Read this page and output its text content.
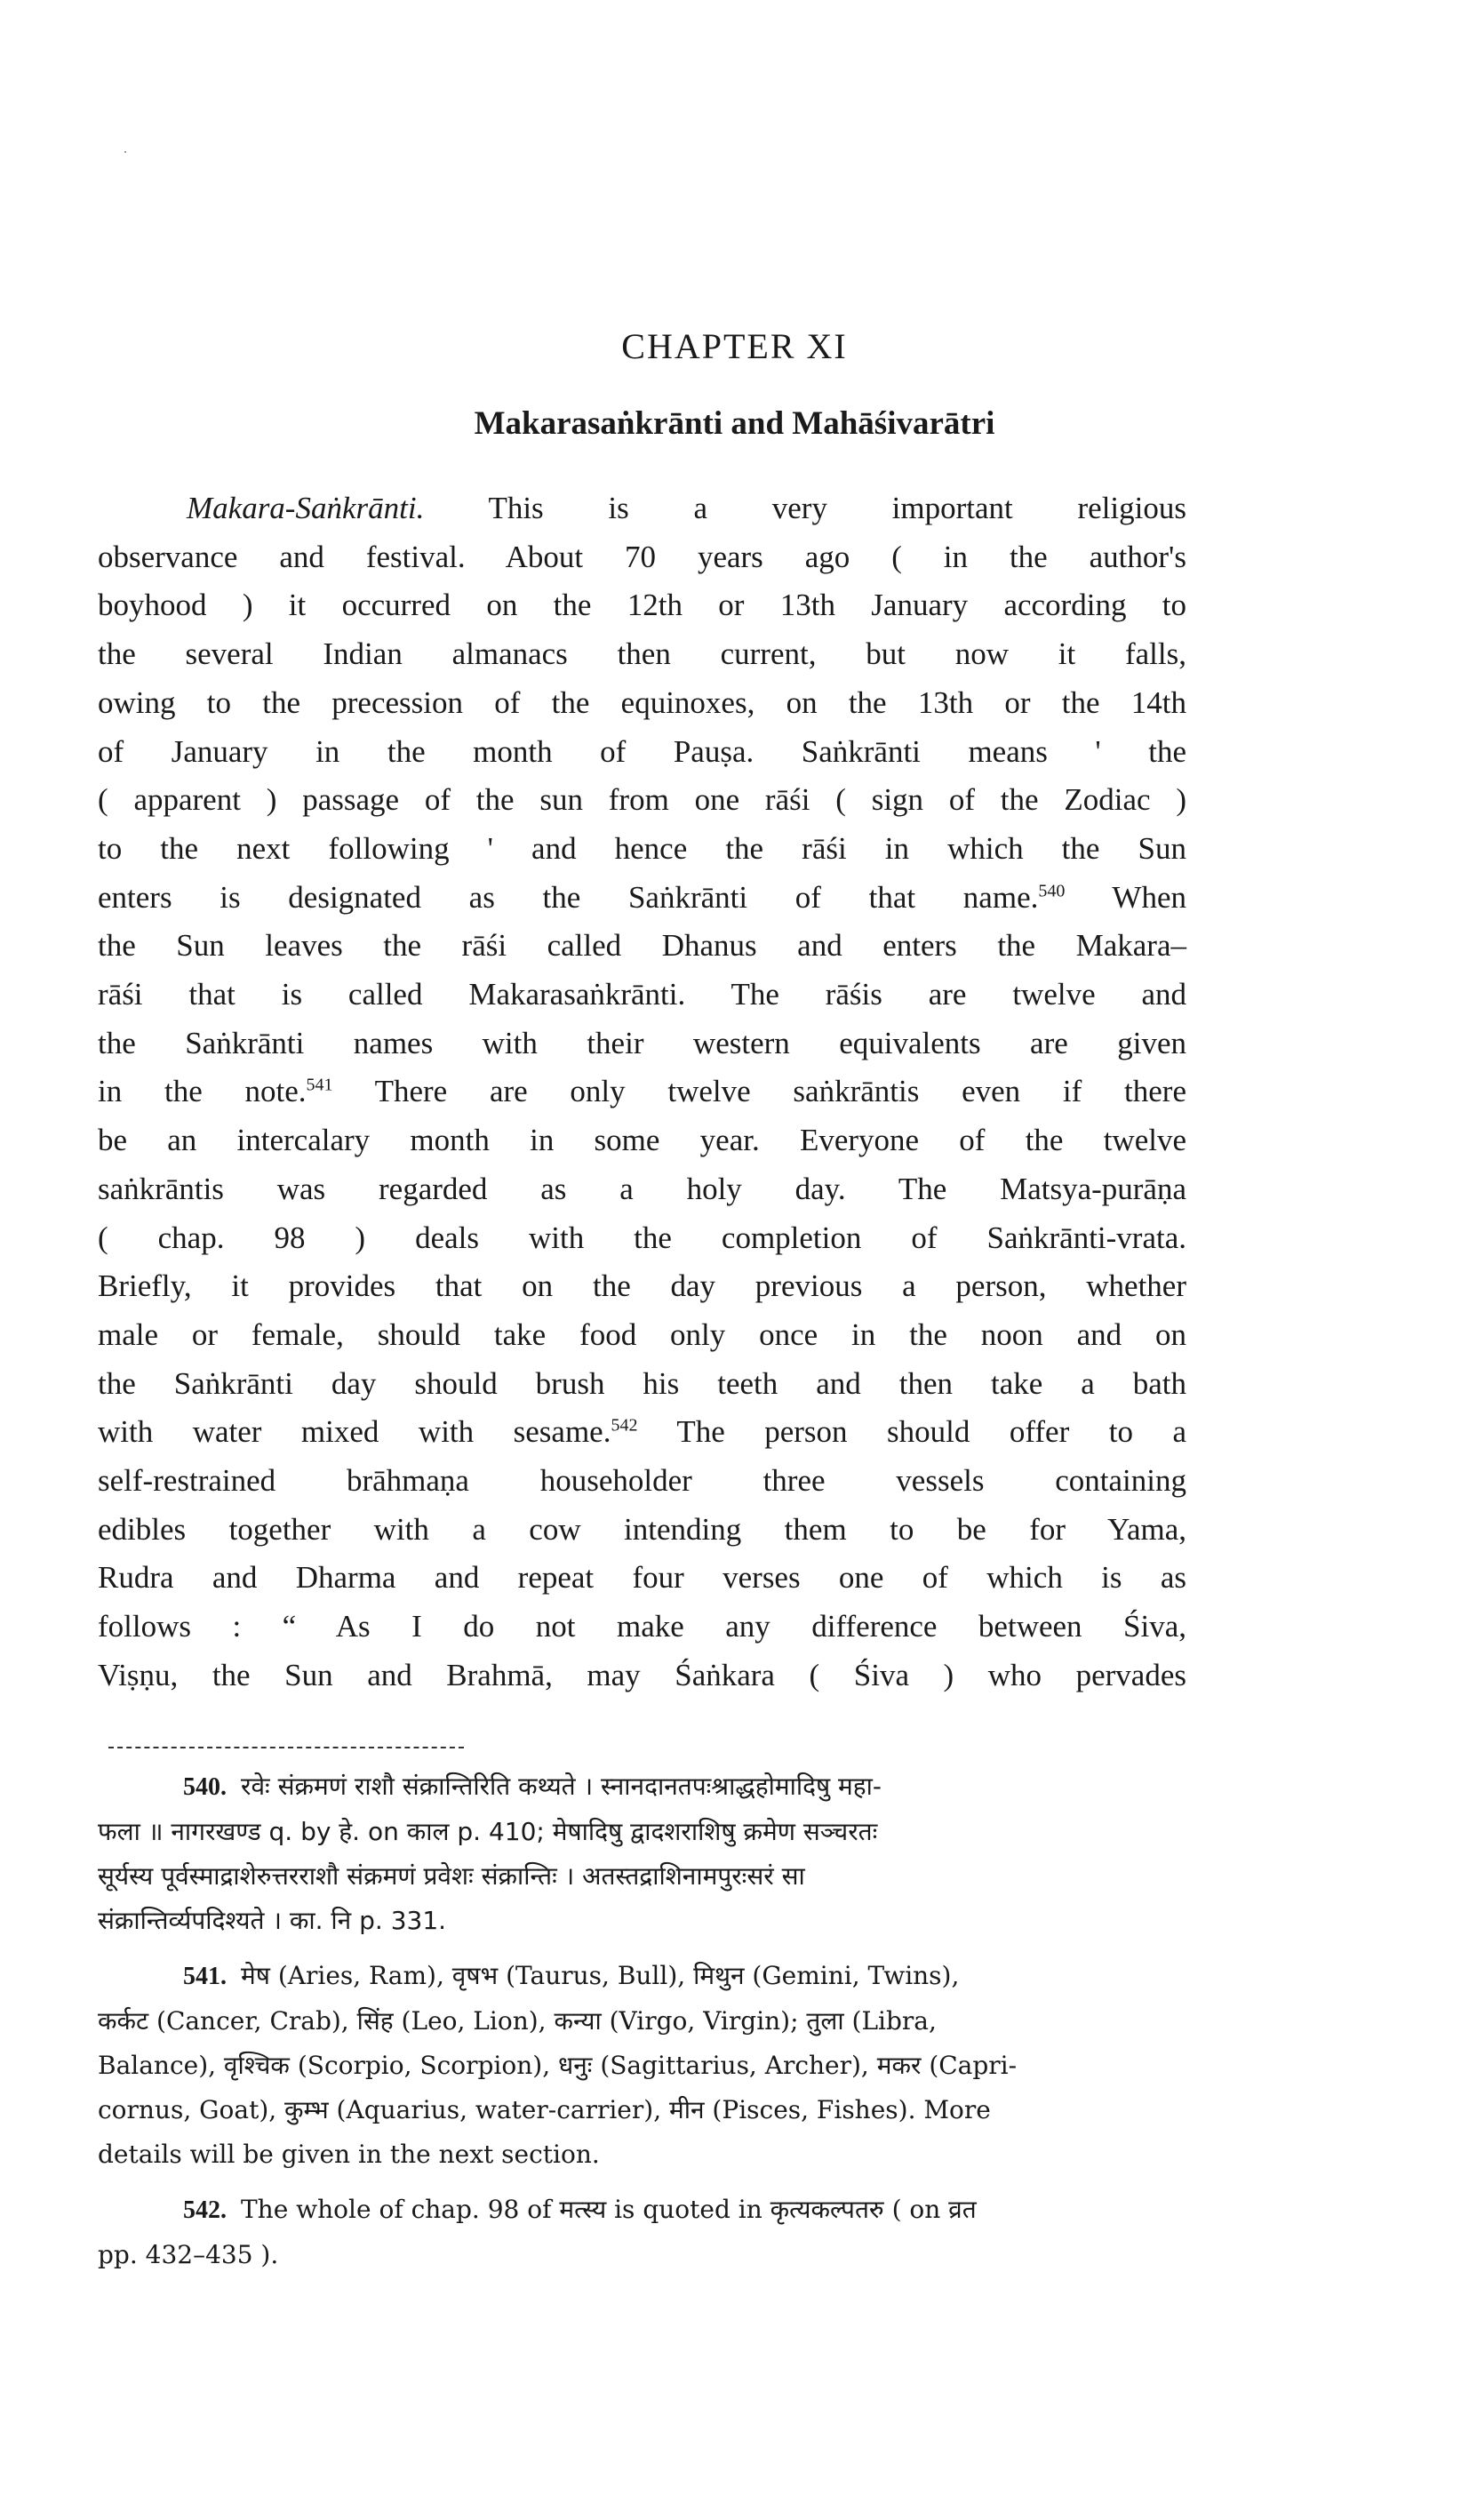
CHAPTER XI
Makarasaṅkrānti and Mahāśivarātri
Makara-Saṅkrānti. This is a very important religious
observance and festival. About 70 years ago ( in the author's
boyhood ) it occurred on the 12th or 13th January according to
the several Indian almanacs then current, but now it falls,
owing to the precession of the equinoxes, on the 13th or the 14th
of January in the month of Pauṣa. Saṅkrānti means ' the
( apparent ) passage of the sun from one rāśi ( sign of the Zodiac )
to the next following ' and hence the rāśi in which the Sun
enters is designated as the Saṅkrānti of that name.$^{540}$ When
the Sun leaves the rāśi called Dhanus and enters the Makara–
rāśi that is called Makarasaṅkrānti. The rāśis are twelve and
the Saṅkrānti names with their western equivalents are given
in the note.$^{541}$ There are only twelve saṅkrāntis even if there
be an intercalary month in some year. Everyone of the twelve
saṅkrāntis was regarded as a holy day. The Matsya-purāṇa
( chap. 98 ) deals with the completion of Saṅkrānti-vrata.
Briefly, it provides that on the day previous a person, whether
male or female, should take food only once in the noon and on
the Saṅkrānti day should brush his teeth and then take a bath
with water mixed with sesame.$^{542}$ The person should offer to a
self-restrained brāhmaṇa householder three vessels containing
edibles together with a cow intending them to be for Yama,
Rudra and Dharma and repeat four verses one of which is as
follows : “ As I do not make any difference between Śiva,
Viṣṇu, the Sun and Brahmā, may Śaṅkara ( Śiva ) who pervades
540. रवेः संक्रमणं राशौ संक्रान्तिरिति कथ्यते । स्नानदानतपःश्राद्धहोमादिषु महा-
फला ॥ नागरखण्ड q. by हे. on काल p. 410; मेषादिषु द्वादशराशिषु क्रमेण सञ्चरतः
सूर्यस्य पूर्वस्माद्राशेरुत्तरराशौ संक्रमणं प्रवेशः संक्रान्तिः । अतस्तद्राशिनामपुरःसरं सा
संक्रान्तिर्व्यपदिश्यते । का. नि p. 331.
541. मेष (Aries, Ram), वृषभ (Taurus, Bull), मिथुन (Gemini, Twins),
कर्कट (Cancer, Crab), सिंह (Leo, Lion), कन्या (Virgo, Virgin); तुला (Libra,
Balance), वृश्चिक (Scorpio, Scorpion), धनुः (Sagittarius, Archer), मकर (Capri-
cornus, Goat), कुम्भ (Aquarius, water-carrier), मीन (Pisces, Fishes). More
details will be given in the next section.
542. The whole of chap. 98 of मत्स्य is quoted in कृत्यकल्पतरु ( on व्रत
pp. 432–435 ).
